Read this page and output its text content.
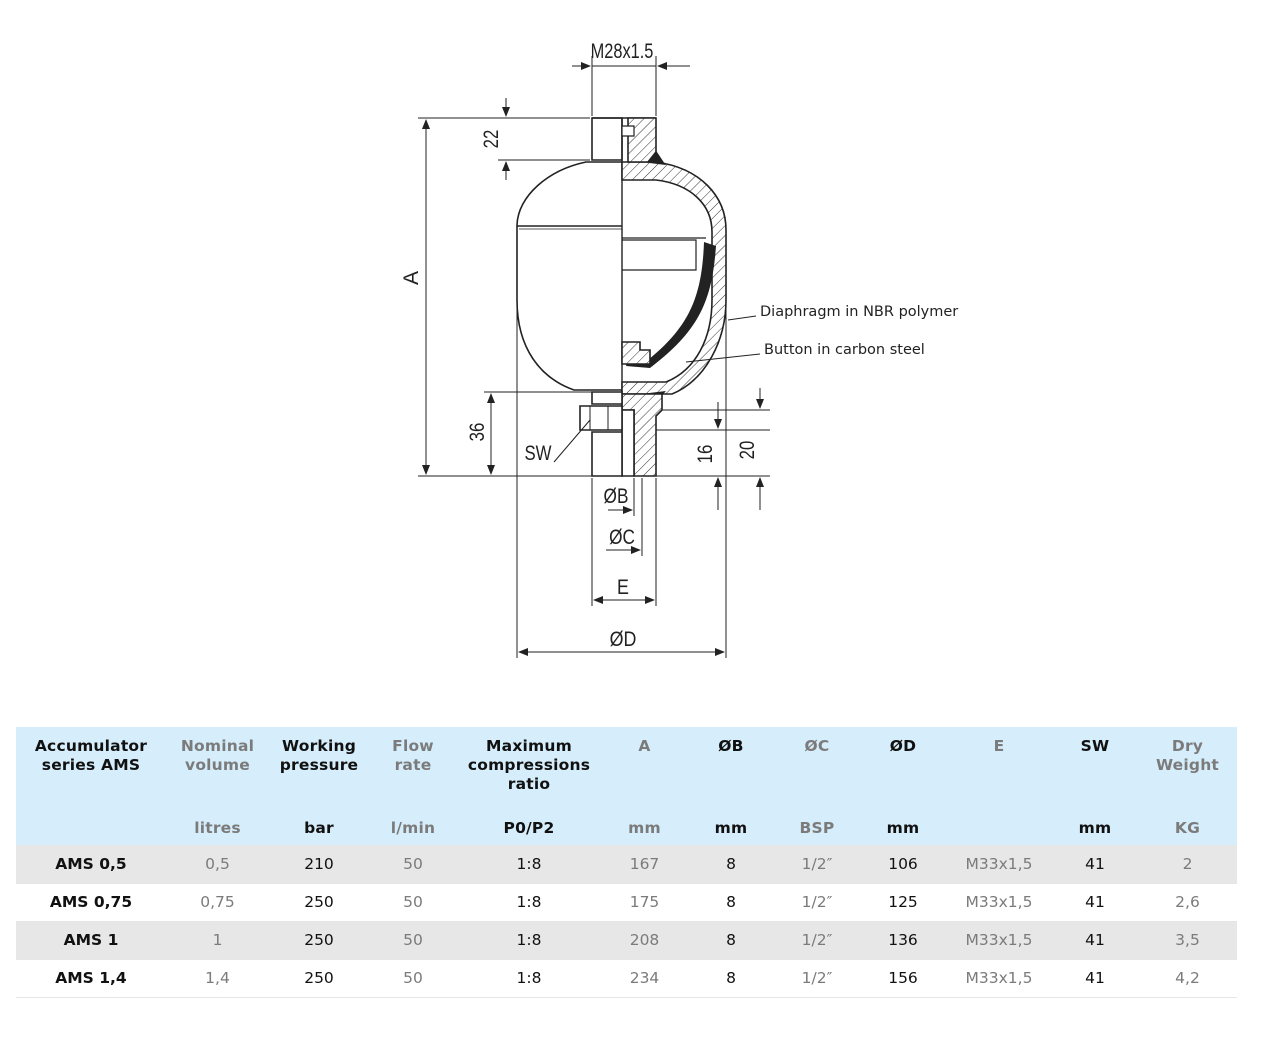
M28x1.5
22
A
36
SW	16 20
ØB
ØC
E
ØD
Diaphragm in NBR polymer
Button in carbon steel
Accumulator series AMS	Nominal volume	Working pressure	Flow rate	Maximum compressions ratio	A	ØB	ØC	ØD	E	SW	Dry Weight
	litres	bar	l/min	P0/P2	mm	mm	BSP	mm		mm	KG
AMS 0,5	0,5	210	50	1:8	167	8	1/2″	106	M33x1,5	41	2
AMS 0,75	0,75	250	50	1:8	175	8	1/2″	125	M33x1,5	41	2,6
AMS 1	1	250	50	1:8	208	8	1/2″	136	M33x1,5	41	3,5
AMS 1,4	1,4	250	50	1:8	234	8	1/2″	156	M33x1,5	41	4,2
